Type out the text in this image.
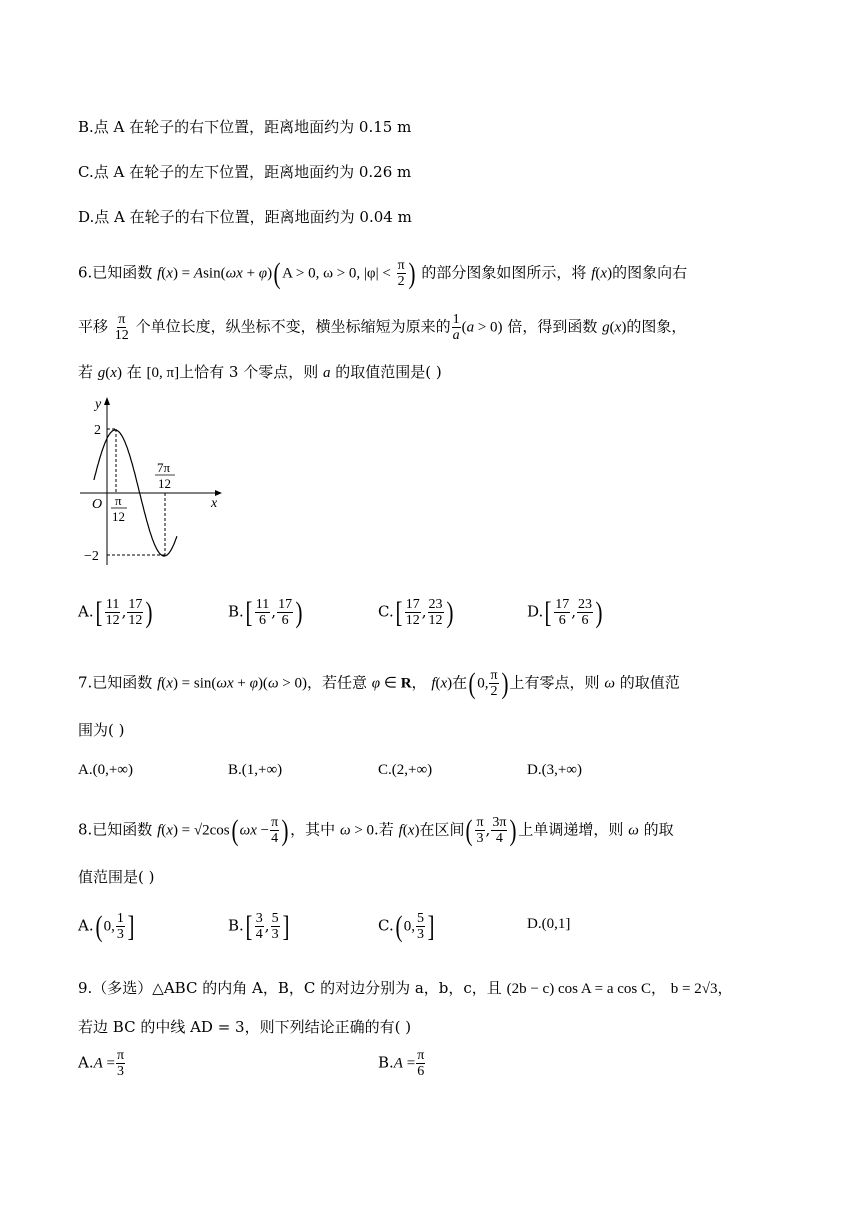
B.点 A 在轮子的右下位置，距离地面约为 0.15 m
C.点 A 在轮子的左下位置，距离地面约为 0.26 m
D.点 A 在轮子的右下位置，距离地面约为 0.04 m
6.已知函数 f(x) = Asin(ωx + φ)( A > 0, ω > 0, $|\varphi| < \frac{\pi}{2}$ ) 的部分图象如图所示，将 f(x)的图象向右
平移 $\frac{\pi}{12}$ 个单位长度，纵坐标不变，横坐标缩短为原来的 $\frac{1}{a} (a > 0)$ 倍，得到函数 g(x)的图象，
若 g(x) 在 [0, π]上恰有 3 个零点，则 a 的取值范围是( )
y
x
O
2
−2
π
12
7π
12
$A.[ \frac{11}{12}$ , $\frac{17}{12}$ )	$B.[ \frac{11}{6}$ , $\frac{17}{6}$ )	$C.[ \frac{17}{12}$ , $\frac{23}{12}$ )	$D.[ \frac{17}{6}$ , $\frac{23}{6}$ )
7.已知函数 f(x) = sin(ωx + φ)(ω > 0)，若任意 φ ∈ R， f(x)在( 0, $\frac{\pi}{2}$ ) 上有零点，则 ω 的取值范
围为( )
A.(0,+∞)	B.(1,+∞)	C.(2,+∞)	D.(3,+∞)
8.已知函数 f(x) = √2cos( $\omega x - \frac{\pi}{4}$ ) ，其中 ω > 0.若 f(x)在区间( $\frac{\pi}{3}$ , $\frac{3\pi}{4}$ ) 上单调递增，则 ω 的取
值范围是( )
A.( 0, $\frac{1}{3}$ ]	$B.[ \frac{3}{4}$ , $\frac{5}{3}$ ]	C.( 0, $\frac{5}{3}$ ]	D.(0,1]
9.（多选）△ABC 的内角 A，B，C 的对边分别为 a，b，c，且 (2b − c) cos A = a cos C， b = 2√3，
若边 BC 的中线 AD = 3，则下列结论正确的有( )
$A.A = \frac{\pi}{3}$	$B.A = \frac{\pi}{6}$
